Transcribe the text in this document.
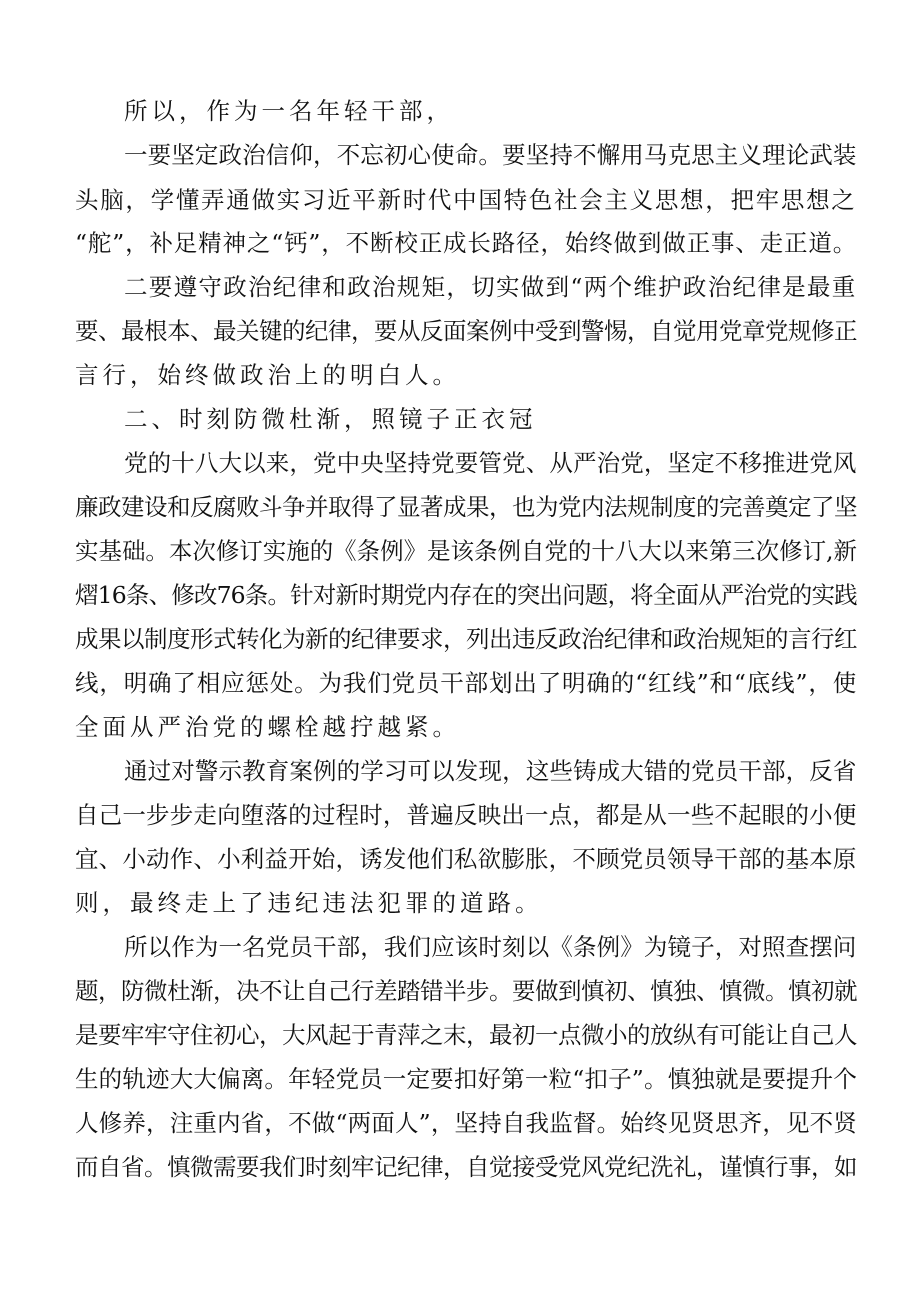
所以，作为一名年轻干部，
一要坚定政治信仰，不忘初心使命。要坚持不懈用马克思主义理论武装
头脑，学懂弄通做实习近平新时代中国特色社会主义思想，把牢思想之
“舵”，补足精神之“钙”，不断校正成长路径，始终做到做正事、走正道。
二要遵守政治纪律和政治规矩，切实做到“两个维护政治纪律是最重
要、最根本、最关键的纪律，要从反面案例中受到警惕，自觉用党章党规修正
言行，始终做政治上的明白人。
二、时刻防微杜渐，照镜子正衣冠
党的十八大以来，党中央坚持党要管党、从严治党，坚定不移推进党风
廉政建设和反腐败斗争并取得了显著成果，也为党内法规制度的完善奠定了坚
实基础。本次修订实施的《条例》是该条例自党的十八大以来第三次修订,新
熠16条、修改76条。针对新时期党内存在的突出问题，将全面从严治党的实践
成果以制度形式转化为新的纪律要求，列出违反政治纪律和政治规矩的言行红
线，明确了相应惩处。为我们党员干部划出了明确的“红线”和“底线”，使
全面从严治党的螺栓越拧越紧。
通过对警示教育案例的学习可以发现，这些铸成大错的党员干部，反省
自己一步步走向堕落的过程时，普遍反映出一点，都是从一些不起眼的小便
宜、小动作、小利益开始，诱发他们私欲膨胀，不顾党员领导干部的基本原
则，最终走上了违纪违法犯罪的道路。
所以作为一名党员干部，我们应该时刻以《条例》为镜子，对照查摆问
题，防微杜渐，决不让自己行差踏错半步。要做到慎初、慎独、慎微。慎初就
是要牢牢守住初心，大风起于青萍之末，最初一点微小的放纵有可能让自己人
生的轨迹大大偏离。年轻党员一定要扣好第一粒“扣子”。慎独就是要提升个
人修养，注重内省，不做“两面人”，坚持自我监督。始终见贤思齐，见不贤
而自省。慎微需要我们时刻牢记纪律，自觉接受党风党纪洗礼，谨慎行事，如
